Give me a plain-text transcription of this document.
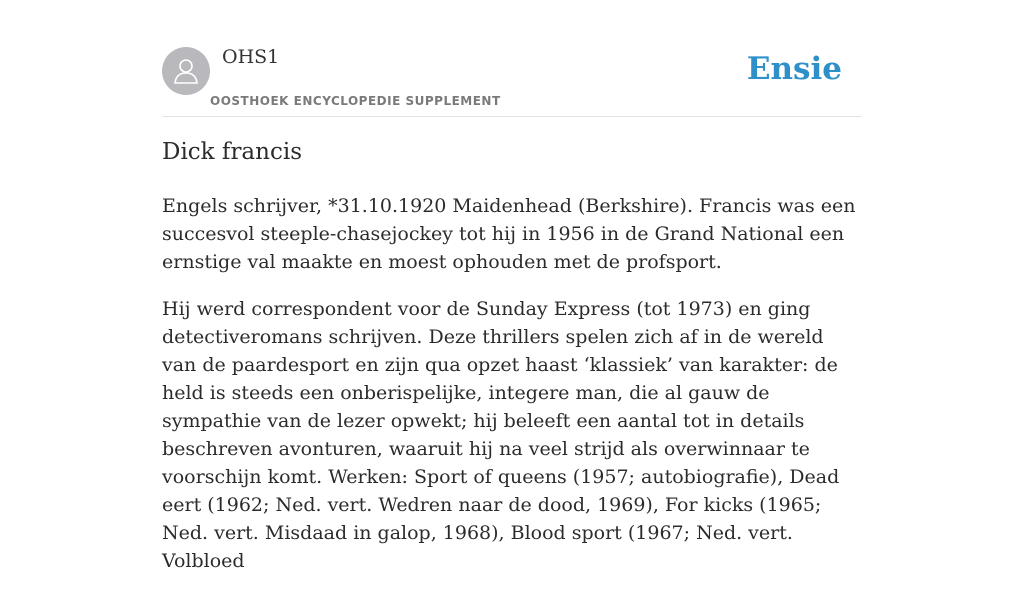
OHS1
OOSTHOEK ENCYCLOPEDIE SUPPLEMENT
Ensie
Dick francis

Engels schrijver, *31.10.1920 Maidenhead (Berkshire). Francis was een succesvol steeple-chasejockey tot hij in 1956 in de Grand National een ernstige val maakte en moest ophouden met de profsport.

Hij werd correspondent voor de Sunday Express (tot 1973) en ging detectiveromans schrijven. Deze thrillers spelen zich af in de wereld van de paardesport en zijn qua opzet haast ‘klassiek’ van karakter: de held is steeds een onberispelijke, integere man, die al gauw de sympathie van de lezer opwekt; hij beleeft een aantal tot in details beschreven avonturen, waaruit hij na veel strijd als overwinnaar te voorschijn komt. Werken: Sport of queens (1957; autobiografie), Dead eert (1962; Ned. vert. Wedren naar de dood, 1969), For kicks (1965; Ned. vert. Misdaad in galop, 1968), Blood sport (1967; Ned. vert. Volbloed
